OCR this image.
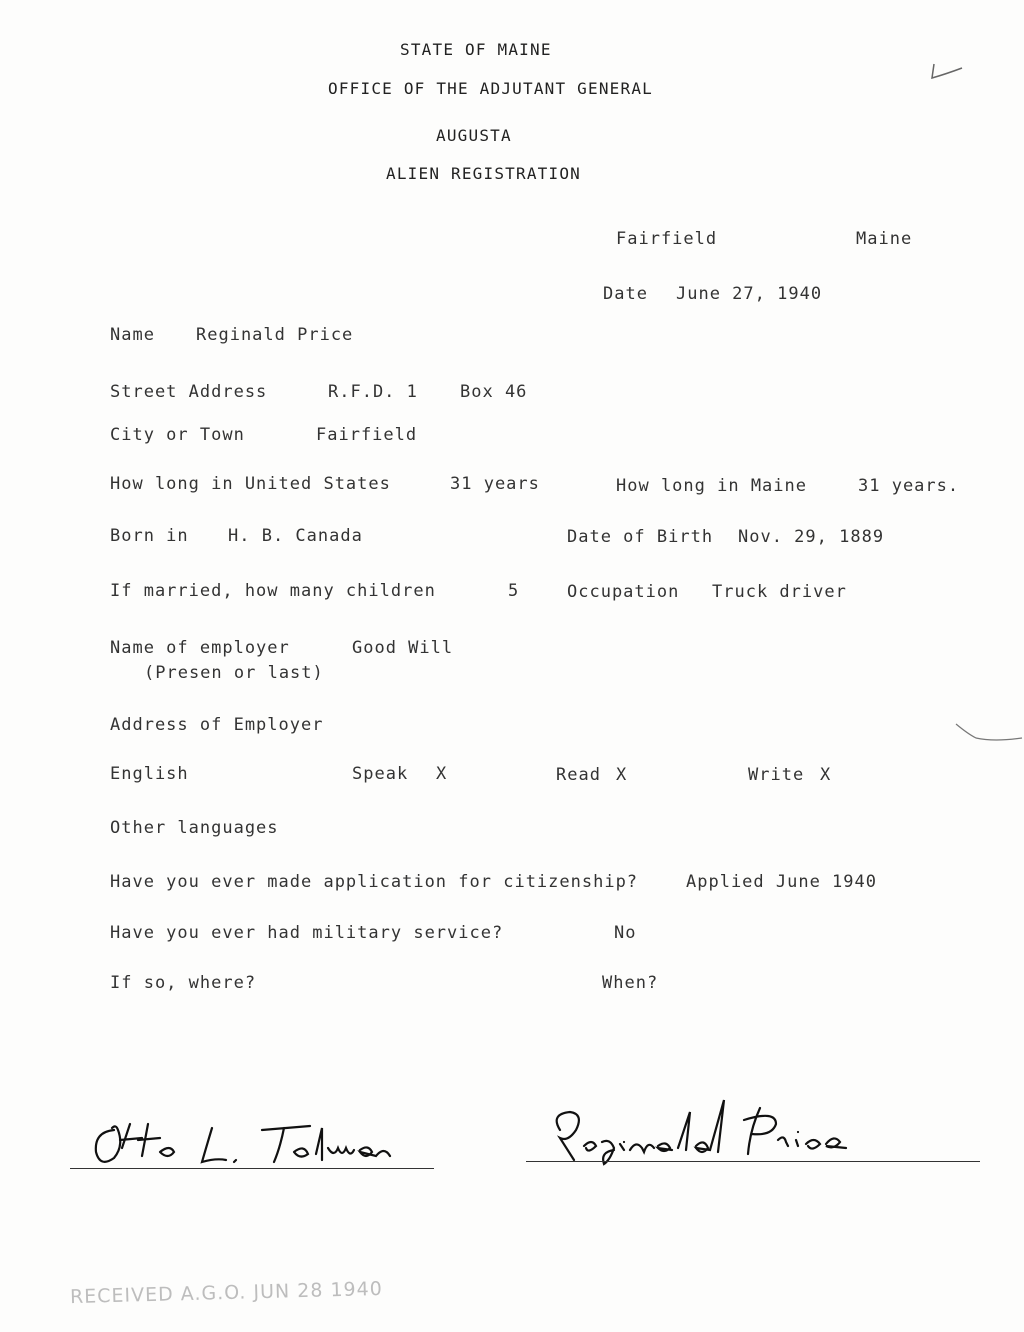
STATE OF MAINE
OFFICE OF THE ADJUTANT GENERAL
AUGUSTA
ALIEN REGISTRATION
Fairfield	Maine
Date June 27, 1940
Name Reginald Price
Street Address	R.F.D. 1 Box 46
City or Town	Fairfield
How long in United States	31 years	How long in Maine	31 years.
Born in H. B. Canada	Date of Birth Nov. 29, 1889
If married, how many children	5	Occupation Truck driver
Name of employer	Good Will
(Presen or last)
Address of Employer
English	Speak X	Read X	Write X
Other languages
Have you ever made application for citizenship?	Applied June 1940
Have you ever had military service?	No
If so, where?	When?
RECEIVED A.G.O. JUN 28 1940
